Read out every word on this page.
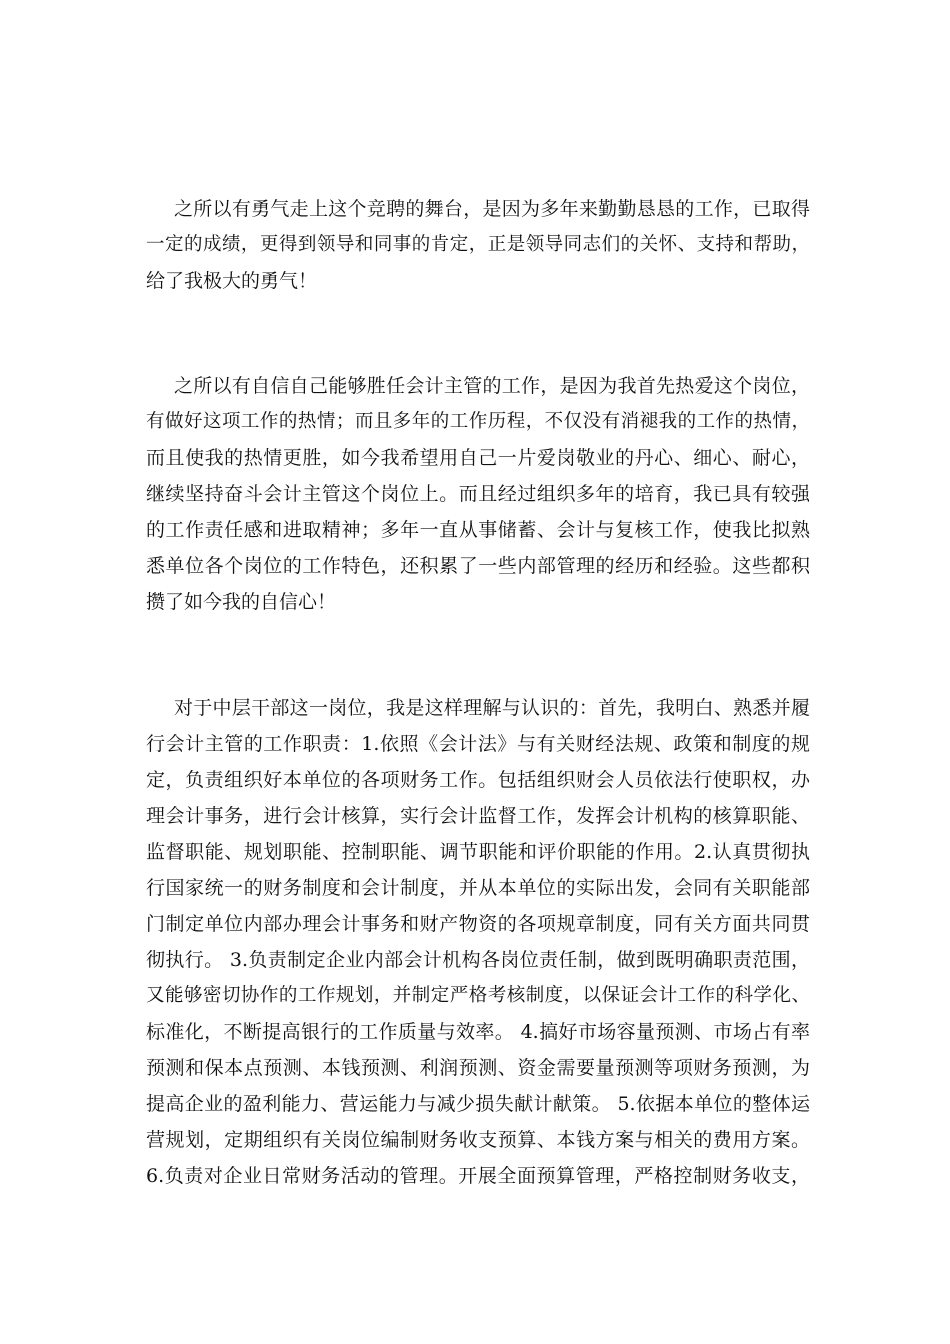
之所以有勇气走上这个竞聘的舞台，是因为多年来勤勤恳恳的工作，已取得
一定的成绩，更得到领导和同事的肯定，正是领导同志们的关怀、支持和帮助，
给了我极大的勇气！
之所以有自信自己能够胜任会计主管的工作，是因为我首先热爱这个岗位，
有做好这项工作的热情；而且多年的工作历程，不仅没有消褪我的工作的热情，
而且使我的热情更胜，如今我希望用自己一片爱岗敬业的丹心、细心、耐心，
继续坚持奋斗会计主管这个岗位上。而且经过组织多年的培育，我已具有较强
的工作责任感和进取精神；多年一直从事储蓄、会计与复核工作，使我比拟熟
悉单位各个岗位的工作特色，还积累了一些内部管理的经历和经验。这些都积
攒了如今我的自信心！
对于中层干部这一岗位，我是这样理解与认识的：首先，我明白、熟悉并履
行会计主管的工作职责：1.依照《会计法》与有关财经法规、政策和制度的规
定，负责组织好本单位的各项财务工作。包括组织财会人员依法行使职权，办
理会计事务，进行会计核算，实行会计监督工作，发挥会计机构的核算职能、
监督职能、规划职能、控制职能、调节职能和评价职能的作用。2.认真贯彻执
行国家统一的财务制度和会计制度，并从本单位的实际出发，会同有关职能部
门制定单位内部办理会计事务和财产物资的各项规章制度，同有关方面共同贯
彻执行。 3.负责制定企业内部会计机构各岗位责任制，做到既明确职责范围，
又能够密切协作的工作规划，并制定严格考核制度，以保证会计工作的科学化、
标准化，不断提高银行的工作质量与效率。 4.搞好市场容量预测、市场占有率
预测和保本点预测、本钱预测、利润预测、资金需要量预测等项财务预测，为
提高企业的盈利能力、营运能力与减少损失献计献策。 5.依据本单位的整体运
营规划，定期组织有关岗位编制财务收支预算、本钱方案与相关的费用方案。
6.负责对企业日常财务活动的管理。开展全面预算管理，严格控制财务收支，
